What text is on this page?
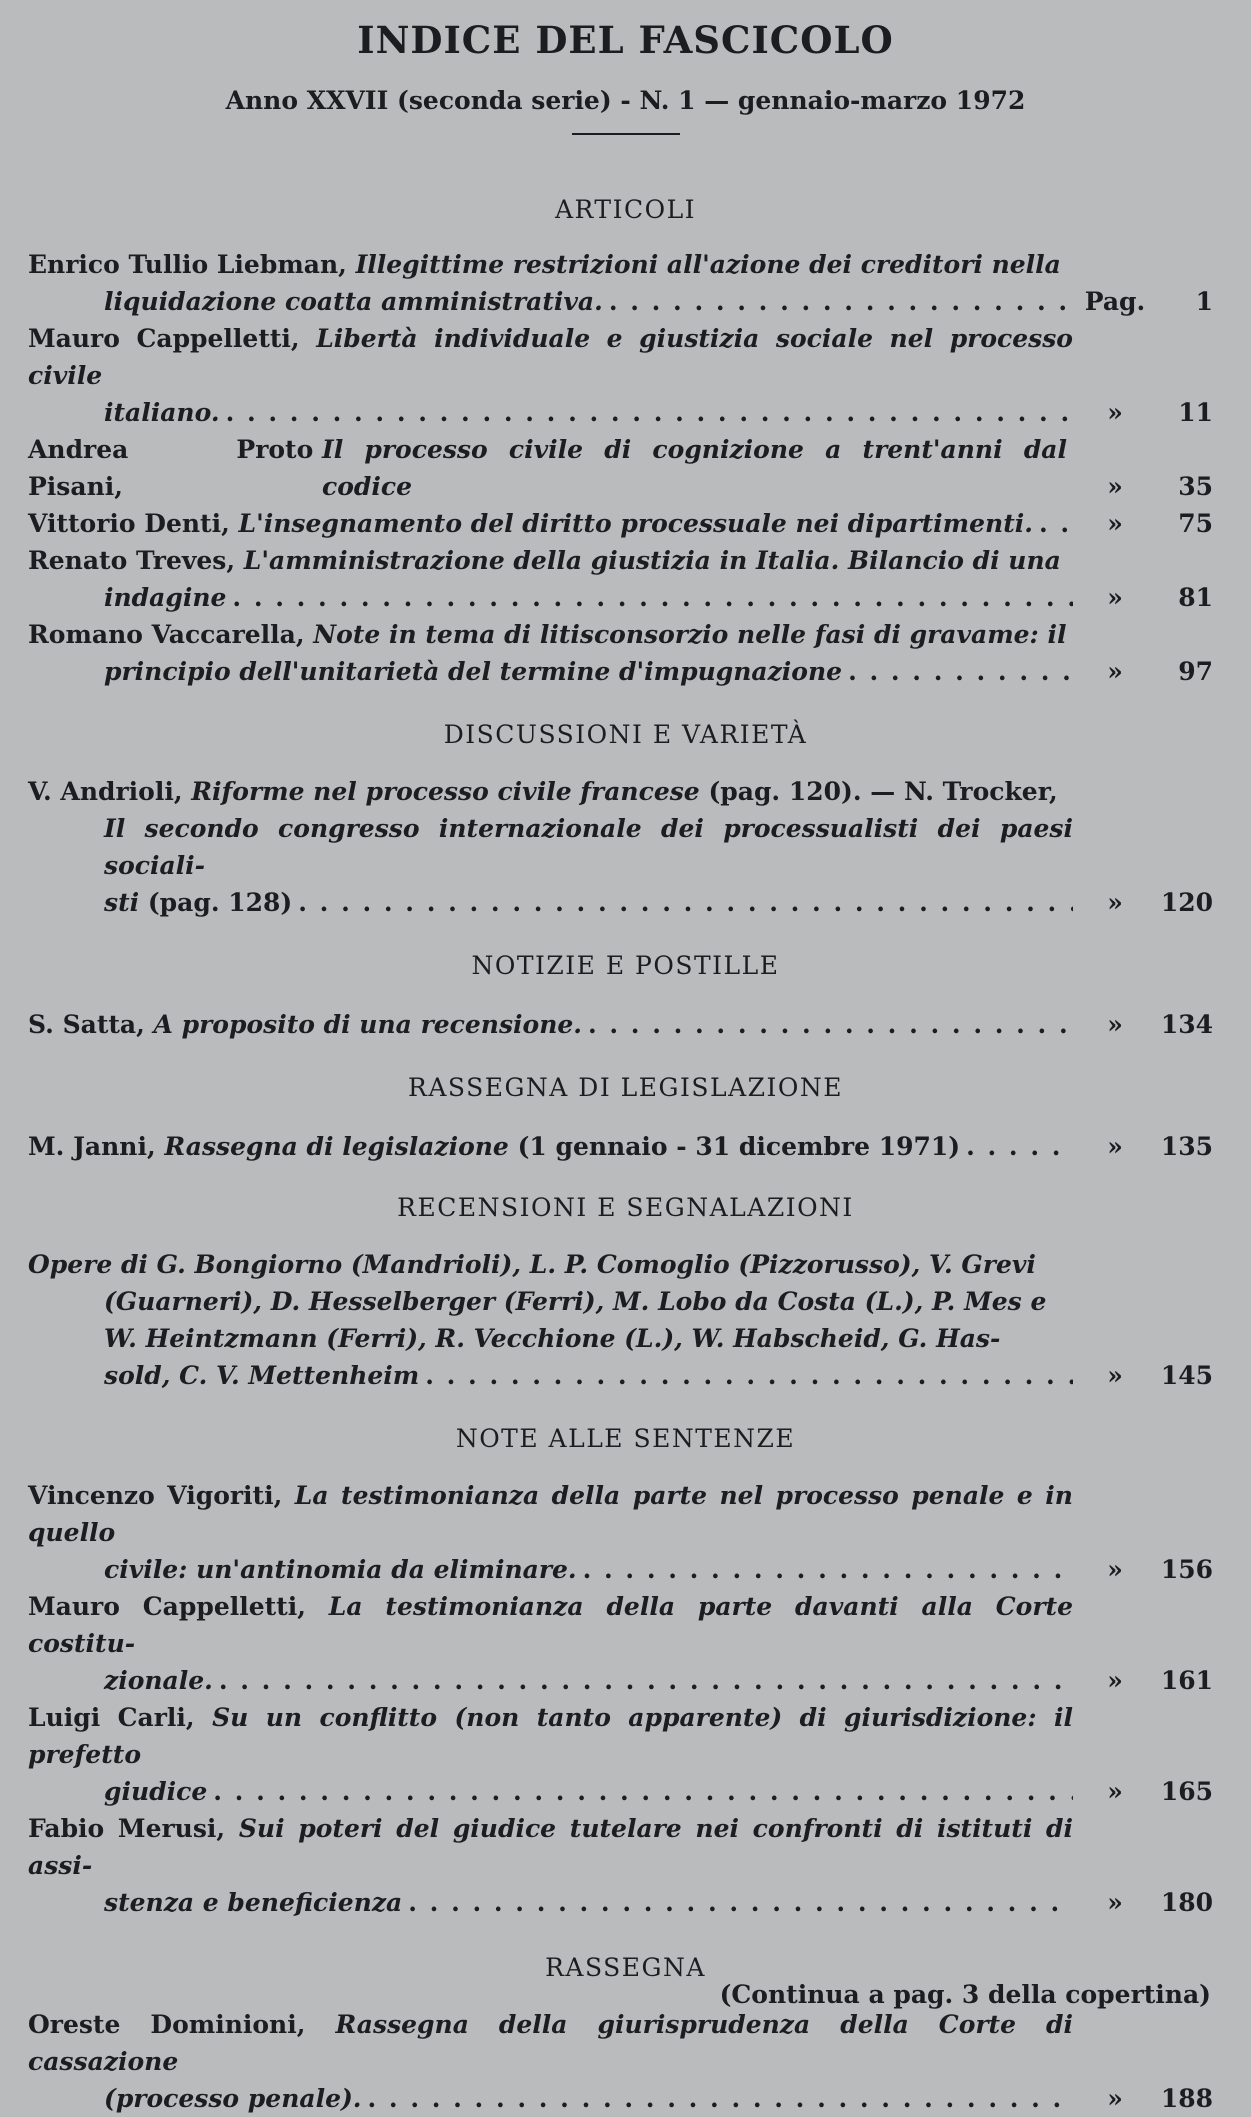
INDICE DEL FASCICOLO
Anno XXVII (seconda serie) - N. 1 — gennaio-marzo 1972
ARTICOLI
Enrico Tullio Liebman, Illegittime restrizioni all'azione dei creditori nella
liquidazione coatta amministrativa. . . .	Pag.	1
Mauro Cappelletti, Libertà individuale e giustizia sociale nel processo civile
italiano. . . .	»	11
Andrea Proto Pisani,

Il processo civile di cognizione a trent'anni dal codice	»	35
Vittorio Denti,
L'insegnamento del diritto processuale nei dipartimenti. . . .	»	75
Renato Treves, L'amministrazione della giustizia in Italia. Bilancio di una
indagine . . .	»	81
Romano Vaccarella, Note in tema di litisconsorzio nelle fasi di gravame: il
principio dell'unitarietà del termine d'impugnazione . . .	»	97
DISCUSSIONI E VARIETÀ
V. Andrioli, Riforme nel processo civile francese (pag. 120). — N. Trocker,
Il secondo congresso internazionale dei processualisti dei paesi sociali-
sti
(pag. 128) . . .	»	120
NOTIZIE E POSTILLE
S. Satta,
A proposito di una recensione. . . .	»	134
RASSEGNA DI LEGISLAZIONE
M. Janni,
Rassegna di legislazione
(1 gennaio - 31 dicembre 1971) . . .	»	135
RECENSIONI E SEGNALAZIONI
Opere di G. Bongiorno (Mandrioli), L. P. Comoglio (Pizzorusso), V. Grevi
(Guarneri), D. Hesselberger (Ferri), M. Lobo da Costa (L.), P. Mes e
W. Heintzmann (Ferri), R. Vecchione (L.), W. Habscheid, G. Has-
sold, C. V. Mettenheim . . .	»	145
NOTE ALLE SENTENZE
Vincenzo Vigoriti, La testimonianza della parte nel processo penale e in quello
civile: un'antinomia da eliminare. . . .	»	156
Mauro Cappelletti, La testimonianza della parte davanti alla Corte costitu-
zionale. . . .	»	161
Luigi Carli, Su un conflitto (non tanto apparente) di giurisdizione: il prefetto
giudice . . .	»	165
Fabio Merusi, Sui poteri del giudice tutelare nei confronti di istituti di assi-
stenza e beneficienza . . .	»	180
RASSEGNA
Oreste Dominioni, Rassegna della giurisprudenza della Corte di cassazione
(processo penale). . . .	»	188
(Continua a pag. 3 della copertina)
